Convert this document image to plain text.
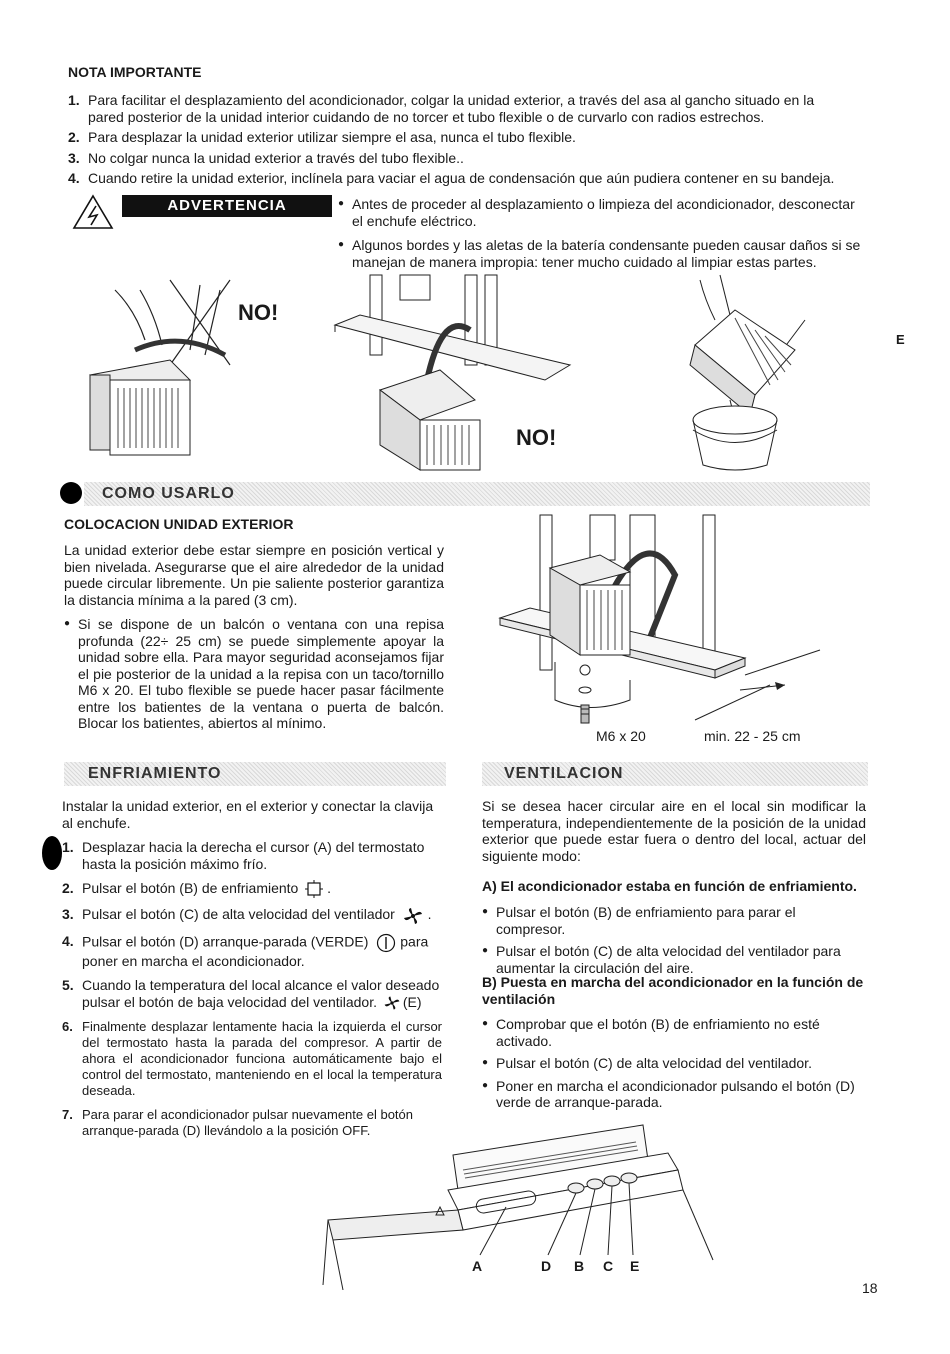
NOTA IMPORTANTE
1. Para facilitar el desplazamiento del acondicionador, colgar la unidad exterior, a través del asa al gancho situado en la pared posterior de la unidad interior cuidando de no torcer et tubo flexible o de curvarlo con radios estrechos.
2. Para desplazar la unidad exterior utilizar siempre el asa, nunca el tubo flexible.
3. No colgar nunca la unidad exterior a través del tubo flexible..
4. Cuando retire la unidad exterior, inclínela para vaciar el agua de condensación que aún pudiera contener en su bandeja.
ADVERTENCIA
●	Antes de proceder al desplazamiento o limpieza del acondicionador, desconectar el enchufe eléctrico.
● Algunos bordes y las aletas de la batería condensante pueden causar daños si se manejan de manera impropia: tener mucho cuidado al limpiar estas partes.
NO!
NO!
E
COMO USARLO
COLOCACION UNIDAD EXTERIOR
La unidad exterior debe estar siempre en posición vertical y bien nivelada. Asegurarse que el aire alrededor de la unidad puede circular libremente. Un pie saliente posterior garantiza la distancia mínima a la pared (3 cm).
● Si se dispone de un balcón o ventana con una repisa profunda (22÷ 25 cm) se puede simplemente apoyar la unidad sobre ella. Para mayor seguridad aconsejamos fijar el pie posterior de la unidad a la repisa con un taco/tornillo M6 x 20. El tubo flexible se puede hacer pasar fácilmente entre los batientes de la ventana o puerta de balcón. Blocar los batientes, abiertos al mínimo.
M6 x 20	min. 22 - 25 cm
ENFRIAMIENTO
Instalar la unidad exterior, en el exterior y conectar la clavija al enchufe.
1. Desplazar hacia la derecha el cursor (A) del termostato hasta la posición máximo frío.
2. Pulsar el botón (B) de enfriamiento  .
3. Pulsar el botón (C) de alta velocidad del ventilador  .
4. Pulsar el botón (D) arranque-parada (VERDE) para poner en marcha el acondicionador.
5. Cuando la temperatura del local alcance el valor deseado pulsar el botón de baja velocidad del ventilador. (E)
6. Finalmente desplazar lentamente hacia la izquierda el cursor del termostato hasta la parada del compresor. A partir de ahora el acondicionador funciona automáticamente bajo el control del termostato, manteniendo en el local la temperatura deseada.
7. Para parar el acondicionador pulsar nuevamente el botón arranque-parada (D) llevándolo a la posición OFF.
VENTILACION
Si se desea hacer circular aire en el local sin modificar la temperatura, independientemente de la posición de la unidad exterior que puede estar fuera o dentro del local, actuar del siguiente modo:
A) El acondicionador estaba en función de enfriamiento.
● Pulsar el botón (B) de enfriamiento para parar el compresor.
● Pulsar el botón (C) de alta velocidad del ventilador para aumentar la circulación del aire.
B) Puesta en marcha del acondicionador en la función de ventilación
● Comprobar que el botón (B) de enfriamiento no esté activado.
● Pulsar el botón (C) de alta velocidad del ventilador.
● Poner en marcha el acondicionador pulsando el botón (D) verde de arranque-parada.
A	D B C E
18
